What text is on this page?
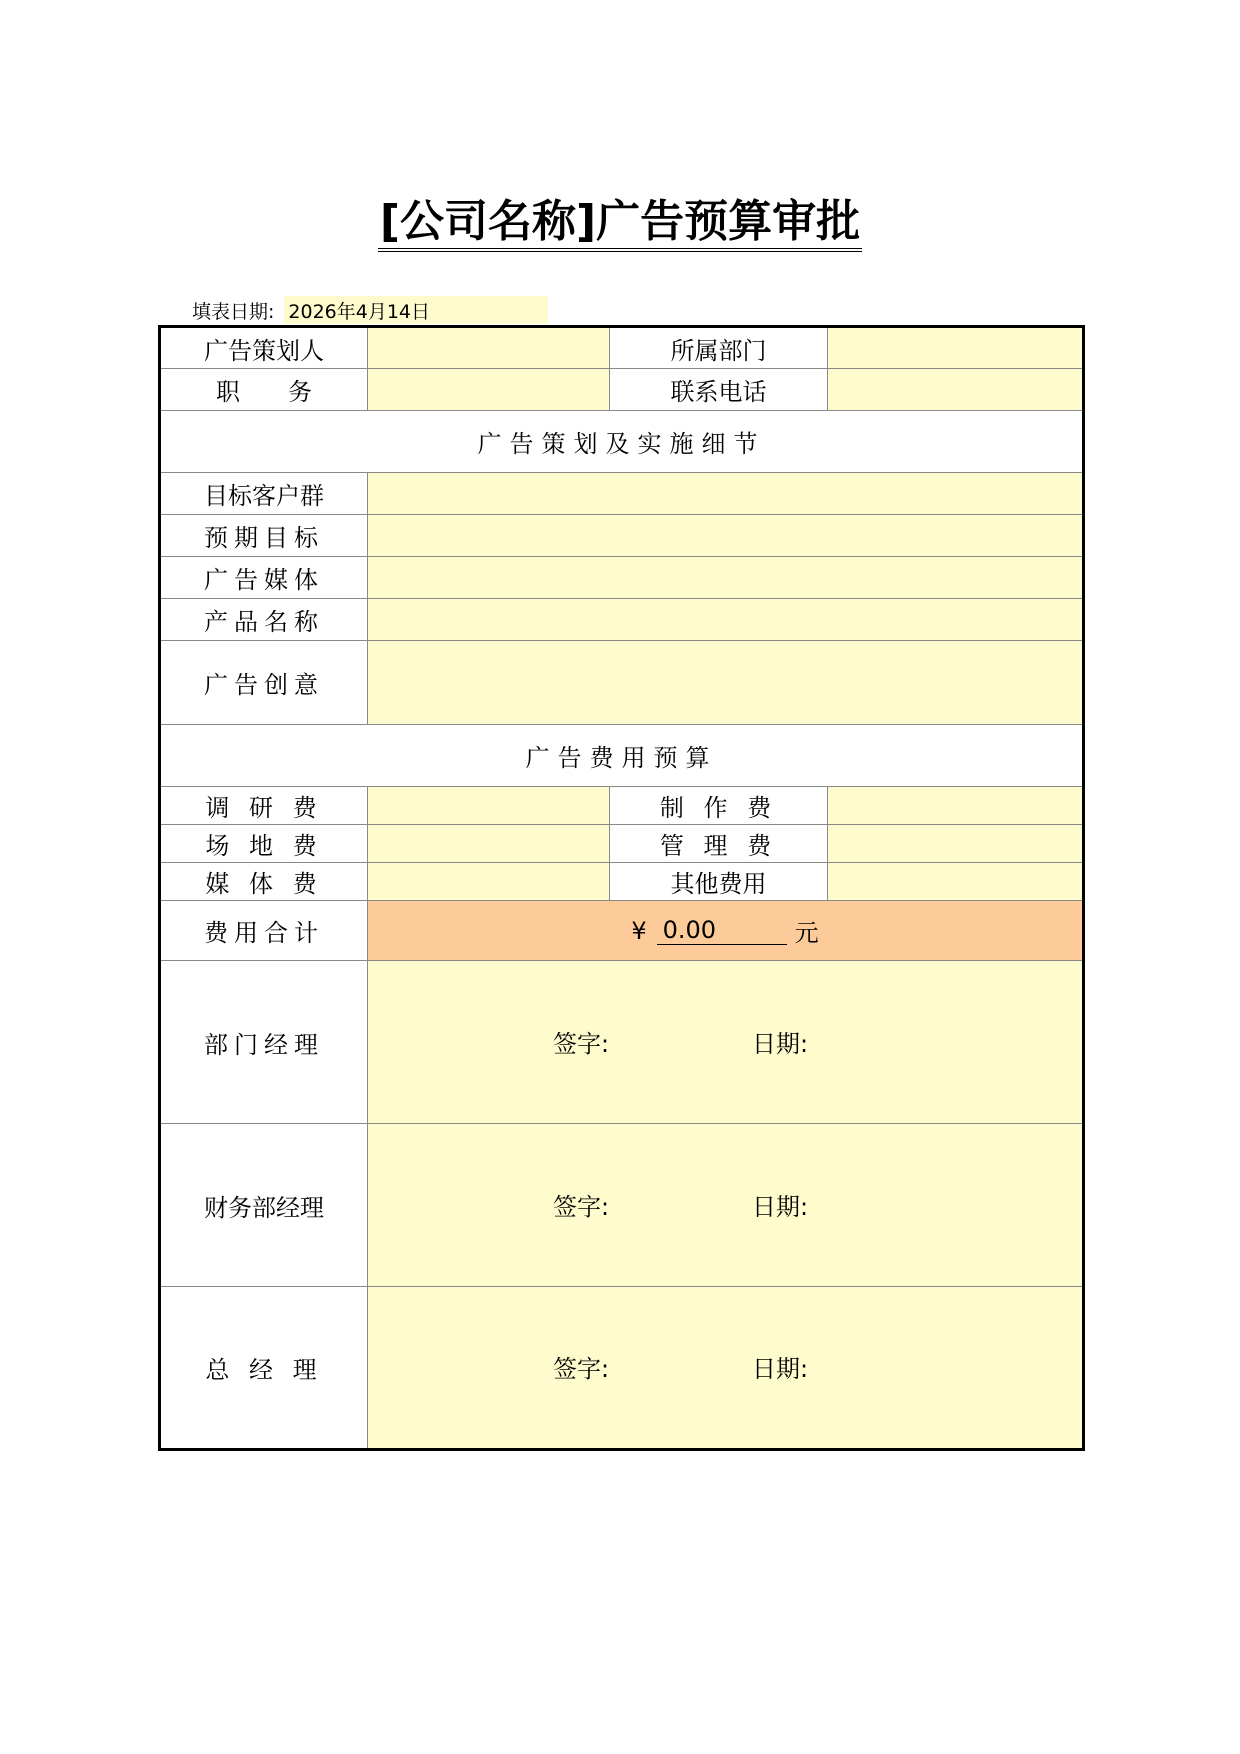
[公司名称]广告预算审批
填表日期: 2026年4月14日
广告策划人		所属部门	
职　　务		联系电话	
广告策划及实施细节			
目标客户群			
预期目标			
广告媒体			
产品名称			
广告创意			
广告费用预算			
调 研 费		制 作 费	
场 地 费		管 理 费	
媒 体 费		其他费用	
费用合计	¥ 0.00 元		

部门经理	签字: 日期:		

财务部经理	签字: 日期:		

总 经 理	签字: 日期:		
